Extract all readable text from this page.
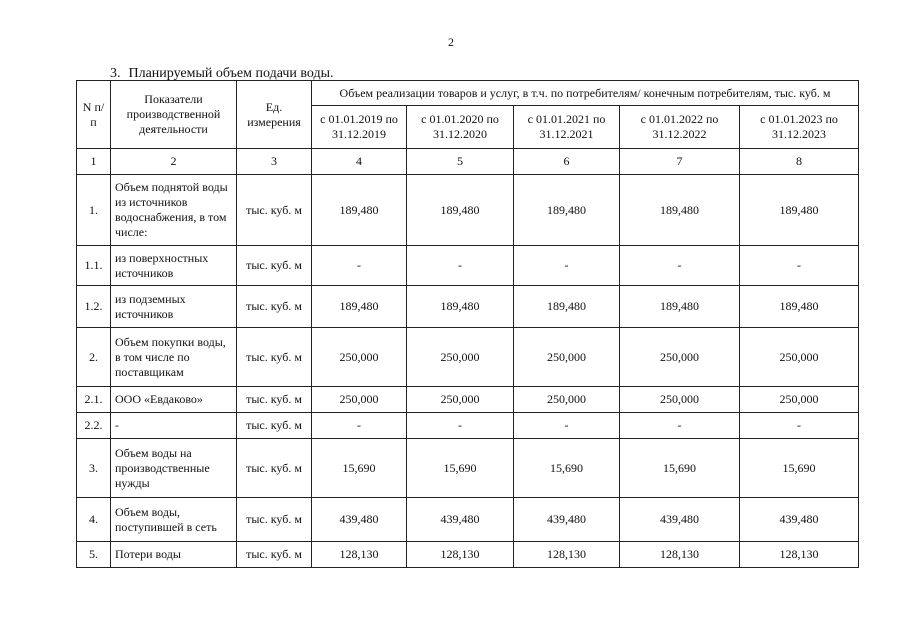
2
3. Планируемый объем подачи воды.
N п/п	Показатели производственной деятельности	Ед. измерения	Объем реализации товаров и услуг, в т.ч. по потребителям/ конечным потребителям, тыс. куб. м				
			с 01.01.2019 по 31.12.2019	с 01.01.2020 по 31.12.2020	с 01.01.2021 по 31.12.2021	с 01.01.2022 по 31.12.2022	с 01.01.2023 по 31.12.2023
1	2	3	4	5	6	7	8
1.	Объем поднятой воды из источников водоснабжения, в том числе:	тыс. куб. м	189,480	189,480	189,480	189,480	189,480
1.1.	из поверхностных источников	тыс. куб. м	-	-	-	-	-
1.2.	из подземных источников	тыс. куб. м	189,480	189,480	189,480	189,480	189,480
2.	Объем покупки воды, в том числе по поставщикам	тыс. куб. м	250,000	250,000	250,000	250,000	250,000
2.1.	ООО «Евдаково»	тыс. куб. м	250,000	250,000	250,000	250,000	250,000
2.2.	-	тыс. куб. м	-	-	-	-	-
3.	Объем воды на производственные нужды	тыс. куб. м	15,690	15,690	15,690	15,690	15,690
4.	Объем воды, поступившей в сеть	тыс. куб. м	439,480	439,480	439,480	439,480	439,480
5.	Потери воды	тыс. куб. м	128,130	128,130	128,130	128,130	128,130
